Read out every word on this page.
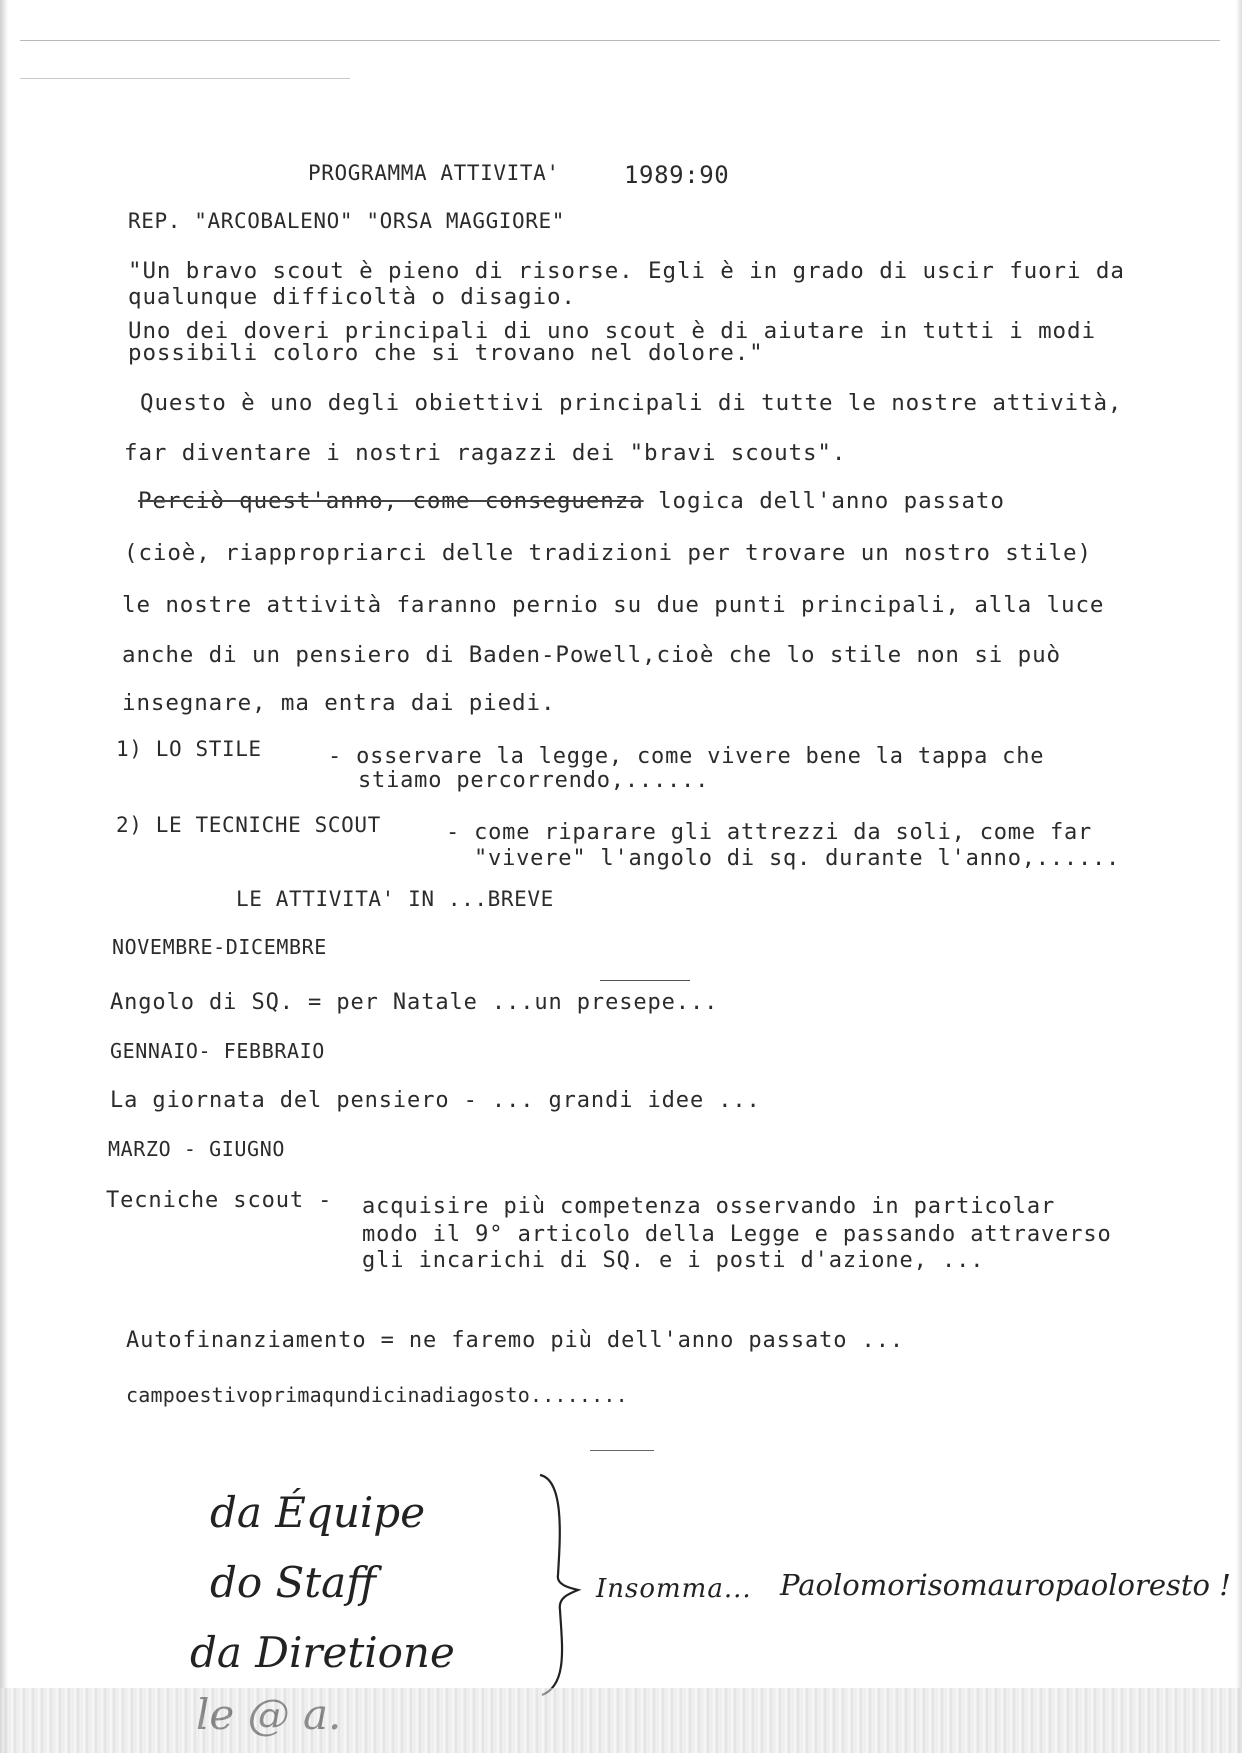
PROGRAMMA ATTIVITA'	1989:90
REP. "ARCOBALENO" "ORSA MAGGIORE"
"Un bravo scout è pieno di risorse. Egli è in grado di uscir fuori da
qualunque difficoltà o disagio.
Uno dei doveri principali di uno scout è di aiutare in tutti i modi
possibili coloro che si trovano nel dolore."
Questo è uno degli obiettivi principali di tutte le nostre attività,
far diventare i nostri ragazzi dei "bravi scouts".
Perciò quest'anno, come conseguenza logica dell'anno passato
(cioè, riappropriarci delle tradizioni per trovare un nostro stile)
le nostre attività faranno pernio su due punti principali, alla luce
anche di un pensiero di Baden-Powell,cioè che lo stile non si può
insegnare, ma entra dai piedi.
1) LO STILE	- osservare la legge, come vivere bene la tappa che
stiamo percorrendo,......
2) LE TECNICHE SCOUT	- come riparare gli attrezzi da soli, come far
"vivere" l'angolo di sq. durante l'anno,......
LE ATTIVITA' IN ...BREVE
NOVEMBRE-DICEMBRE
Angolo di SQ. = per Natale ...un presepe...
GENNAIO- FEBBRAIO
La giornata del pensiero - ... grandi idee ...
MARZO - GIUGNO
Tecniche scout - acquisire più competenza osservando in particolar
modo il 9° articolo della Legge e passando attraverso
gli incarichi di SQ. e i posti d'azione, ...
Autofinanziamento = ne faremo più dell'anno passato ...
campoestivoprimaqundicinadiagosto........
da Équipe
do Staff
da Diretione
Insomma... Paolomorisomauropaoloresto !
